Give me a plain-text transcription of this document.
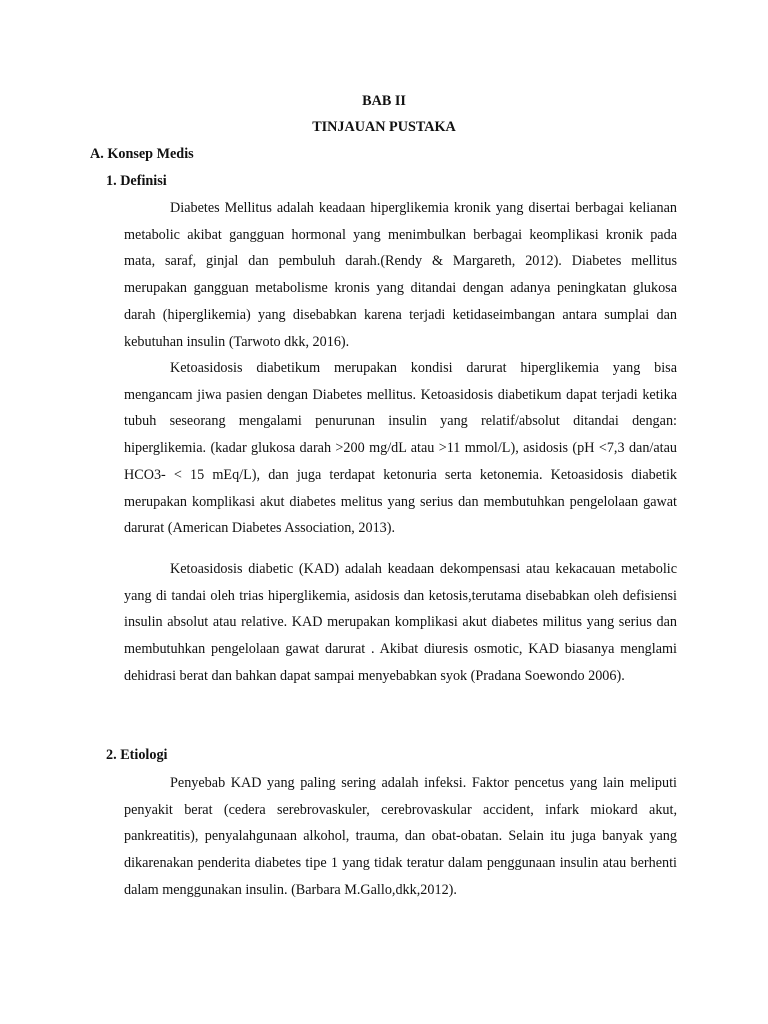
BAB II
TINJAUAN PUSTAKA
A. Konsep Medis
1. Definisi

Diabetes Mellitus adalah keadaan hiperglikemia kronik yang disertai berbagai kelianan metabolic akibat gangguan hormonal yang menimbulkan berbagai keomplikasi kronik pada mata, saraf, ginjal dan pembuluh darah.(Rendy & Margareth, 2012). Diabetes mellitus merupakan gangguan metabolisme kronis yang ditandai dengan adanya peningkatan glukosa darah (hiperglikemia) yang disebabkan karena terjadi ketidaseimbangan antara sumplai dan kebutuhan insulin (Tarwoto dkk, 2016).

Ketoasidosis diabetikum merupakan kondisi darurat hiperglikemia yang bisa mengancam jiwa pasien dengan Diabetes mellitus. Ketoasidosis diabetikum dapat terjadi ketika tubuh seseorang mengalami penurunan insulin yang relatif/absolut ditandai dengan: hiperglikemia. (kadar glukosa darah >200 mg/dL atau >11 mmol/L), asidosis (pH <7,3 dan/atau HCO3- < 15 mEq/L), dan juga terdapat ketonuria serta ketonemia. Ketoasidosis diabetik merupakan komplikasi akut diabetes melitus yang serius dan membutuhkan pengelolaan gawat darurat (American Diabetes Association, 2013).

Ketoasidosis diabetic (KAD) adalah keadaan dekompensasi atau kekacauan metabolic yang di tandai oleh trias hiperglikemia, asidosis dan ketosis,terutama disebabkan oleh defisiensi insulin absolut atau relative. KAD merupakan komplikasi akut diabetes militus yang serius dan membutuhkan pengelolaan gawat darurat . Akibat diuresis osmotic, KAD biasanya menglami dehidrasi berat dan bahkan dapat sampai menyebabkan syok (Pradana Soewondo 2006).

2. Etiologi

Penyebab KAD yang paling sering adalah infeksi. Faktor pencetus yang lain meliputi penyakit berat (cedera serebrovaskuler, cerebrovaskular accident, infark miokard akut, pankreatitis), penyalahgunaan alkohol, trauma, dan obat-obatan. Selain itu juga banyak yang dikarenakan penderita diabetes tipe 1 yang tidak teratur dalam penggunaan insulin atau berhenti dalam menggunakan insulin. (Barbara M.Gallo,dkk,2012).
